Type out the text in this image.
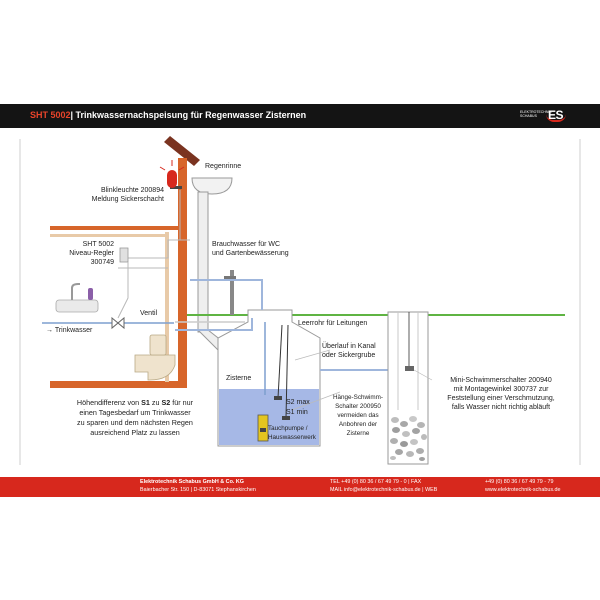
SHT 5002| Trinkwassernachspeisung für Regenwasser Zisternen	ELEKTROTECHNIK SCHABUS ES
Regenrinne
Blinkleuchte 200894
Meldung Sickerschacht
SHT 5002
Niveau-Regler
300749
Brauchwasser für WC
und Gartenbewässerung
Ventil
→ Trinkwasser
Leerrohr für Leitungen
Überlauf in Kanal
oder Sickergrube
Zisterne
S2 max
S1 min
Tauchpumpe /
Hauswasserwerk
Hänge-Schwimm-
Schalter 200950
vermeiden das
Anbohren der
Zisterne
Mini-Schwimmerschalter 200940
mit Montagewinkel 300737 zur
Feststellung einer Verschmutzung,
falls Wasser nicht richtig abläuft
Höhendifferenz von S1 zu S2 für nur
einen Tagesbedarf um Trinkwasser
zu sparen und dem nächsten Regen
ausreichend Platz zu lassen
Elektrotechnik Schabus GmbH & Co. KG
Baierbacher Str. 150 | D-83071 Stephanskirchen
TEL +49 (0) 80 36 / 67 49 79 - 0 | FAX	+49 (0) 80 36 / 67 49 79 - 79
MAIL info@elektrotechnik-schabus.de | WEB	www.elektrotechnik-schabus.de
